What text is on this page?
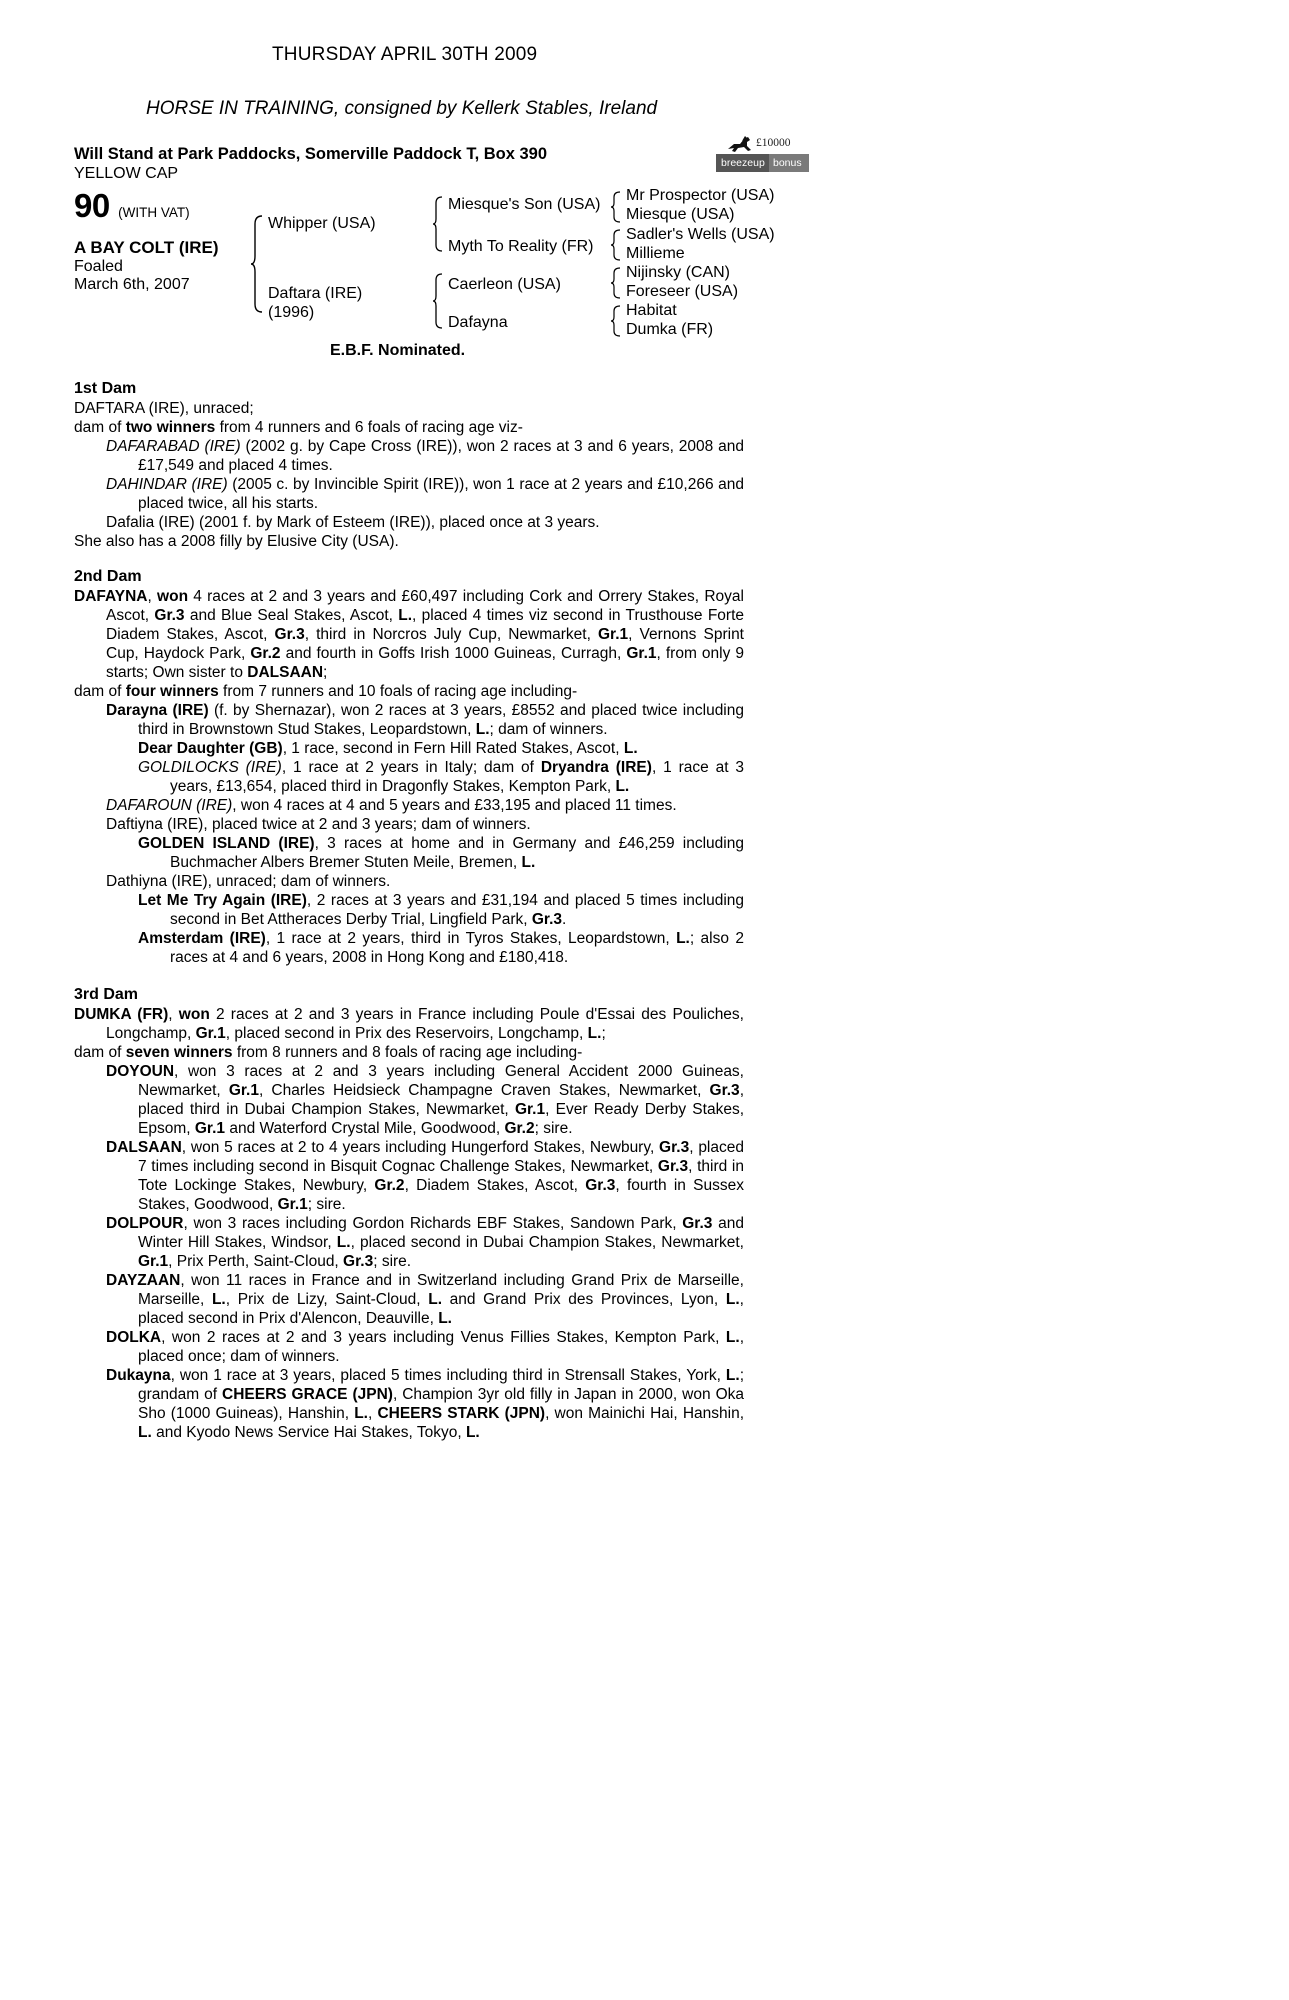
THURSDAY APRIL 30TH 2009
HORSE IN TRAINING, consigned by Kellerk Stables, Ireland
Will Stand at Park Paddocks, Somerville Paddock T, Box 390
YELLOW CAP
£10000
breezeup bonus
90 (WITH VAT)
A BAY COLT (IRE)
Foaled
March 6th, 2007
Whipper (USA)
Daftara (IRE)
(1996)
Miesque's Son (USA)
Myth To Reality (FR)
Caerleon (USA)
Dafayna
Mr Prospector (USA)
Miesque (USA)
Sadler's Wells (USA)
Millieme
Nijinsky (CAN)
Foreseer (USA)
Habitat
Dumka (FR)
E.B.F. Nominated.
1st Dam
DAFTARA (IRE), unraced;
dam of two winners from 4 runners and 6 foals of racing age viz-
DAFARABAD (IRE) (2002 g. by Cape Cross (IRE)), won 2 races at 3 and 6 years, 2008 and £17,549 and placed 4 times.
DAHINDAR (IRE) (2005 c. by Invincible Spirit (IRE)), won 1 race at 2 years and £10,266 and placed twice, all his starts.
Dafalia (IRE) (2001 f. by Mark of Esteem (IRE)), placed once at 3 years.
She also has a 2008 filly by Elusive City (USA).
2nd Dam
DAFAYNA, won 4 races at 2 and 3 years and £60,497 including Cork and Orrery Stakes, Royal Ascot, Gr.3 and Blue Seal Stakes, Ascot, L., placed 4 times viz second in Trusthouse Forte Diadem Stakes, Ascot, Gr.3, third in Norcros July Cup, Newmarket, Gr.1, Vernons Sprint Cup, Haydock Park, Gr.2 and fourth in Goffs Irish 1000 Guineas, Curragh, Gr.1, from only 9 starts; Own sister to DALSAAN;
dam of four winners from 7 runners and 10 foals of racing age including-
Darayna (IRE) (f. by Shernazar), won 2 races at 3 years, £8552 and placed twice including third in Brownstown Stud Stakes, Leopardstown, L.; dam of winners.
Dear Daughter (GB), 1 race, second in Fern Hill Rated Stakes, Ascot, L.
GOLDILOCKS (IRE), 1 race at 2 years in Italy; dam of Dryandra (IRE), 1 race at 3 years, £13,654, placed third in Dragonfly Stakes, Kempton Park, L.
DAFAROUN (IRE), won 4 races at 4 and 5 years and £33,195 and placed 11 times.
Daftiyna (IRE), placed twice at 2 and 3 years; dam of winners.
GOLDEN ISLAND (IRE), 3 races at home and in Germany and £46,259 including Buchmacher Albers Bremer Stuten Meile, Bremen, L.
Dathiyna (IRE), unraced; dam of winners.
Let Me Try Again (IRE), 2 races at 3 years and £31,194 and placed 5 times including second in Bet Attheraces Derby Trial, Lingfield Park, Gr.3.
Amsterdam (IRE), 1 race at 2 years, third in Tyros Stakes, Leopardstown, L.; also 2 races at 4 and 6 years, 2008 in Hong Kong and £180,418.
3rd Dam
DUMKA (FR), won 2 races at 2 and 3 years in France including Poule d'Essai des Pouliches, Longchamp, Gr.1, placed second in Prix des Reservoirs, Longchamp, L.;
dam of seven winners from 8 runners and 8 foals of racing age including-
DOYOUN, won 3 races at 2 and 3 years including General Accident 2000 Guineas, Newmarket, Gr.1, Charles Heidsieck Champagne Craven Stakes, Newmarket, Gr.3, placed third in Dubai Champion Stakes, Newmarket, Gr.1, Ever Ready Derby Stakes, Epsom, Gr.1 and Waterford Crystal Mile, Goodwood, Gr.2; sire.
DALSAAN, won 5 races at 2 to 4 years including Hungerford Stakes, Newbury, Gr.3, placed 7 times including second in Bisquit Cognac Challenge Stakes, Newmarket, Gr.3, third in Tote Lockinge Stakes, Newbury, Gr.2, Diadem Stakes, Ascot, Gr.3, fourth in Sussex Stakes, Goodwood, Gr.1; sire.
DOLPOUR, won 3 races including Gordon Richards EBF Stakes, Sandown Park, Gr.3 and Winter Hill Stakes, Windsor, L., placed second in Dubai Champion Stakes, Newmarket, Gr.1, Prix Perth, Saint-Cloud, Gr.3; sire.
DAYZAAN, won 11 races in France and in Switzerland including Grand Prix de Marseille, Marseille, L., Prix de Lizy, Saint-Cloud, L. and Grand Prix des Provinces, Lyon, L., placed second in Prix d'Alencon, Deauville, L.
DOLKA, won 2 races at 2 and 3 years including Venus Fillies Stakes, Kempton Park, L., placed once; dam of winners.
Dukayna, won 1 race at 3 years, placed 5 times including third in Strensall Stakes, York, L.; grandam of CHEERS GRACE (JPN), Champion 3yr old filly in Japan in 2000, won Oka Sho (1000 Guineas), Hanshin, L., CHEERS STARK (JPN), won Mainichi Hai, Hanshin, L. and Kyodo News Service Hai Stakes, Tokyo, L.
